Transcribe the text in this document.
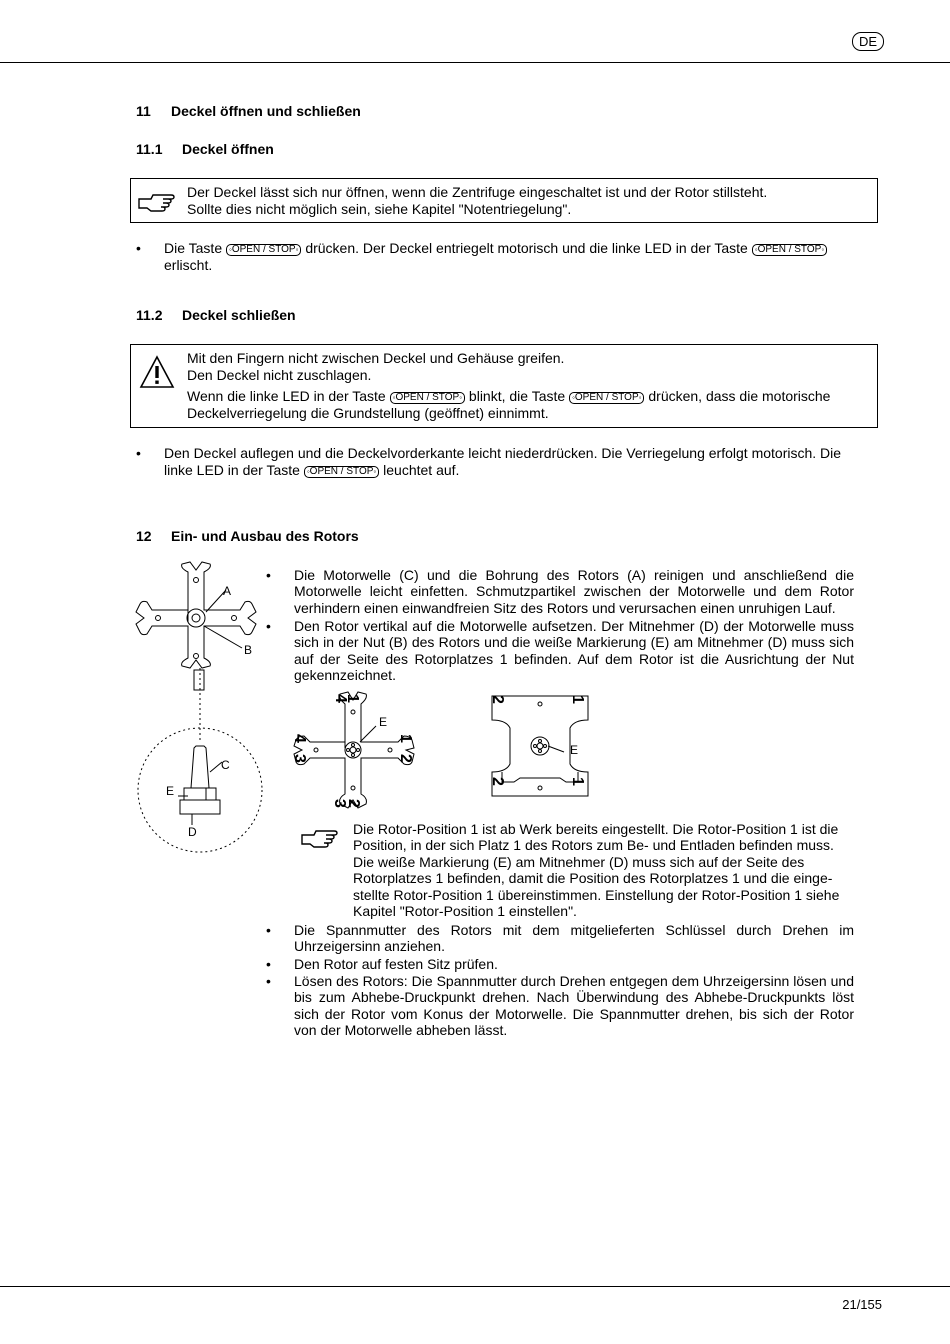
DE
11 Deckel öffnen und schließen
11.1 Deckel öffnen

Der Deckel lässt sich nur öffnen, wenn die Zentrifuge eingeschaltet ist und der Rotor stillsteht.

Sollte dies nicht möglich sein, siehe Kapitel "Notentriegelung".

• Die Taste ◦ OPEN / STOP ◦ drücken. Der Deckel entriegelt motorisch und die linke LED in der Taste ◦ OPEN / STOP ◦

erlischt.

11.2 Deckel schließen

Mit den Fingern nicht zwischen Deckel und Gehäuse greifen.

Den Deckel nicht zuschlagen.

Wenn die linke LED in der Taste ◦ OPEN / STOP ◦ blinkt, die Taste ◦ OPEN / STOP ◦ drücken, dass die motorische

Deckelverriegelung die Grundstellung (geöffnet) einnimmt.

• Den Deckel auflegen und die Deckelvorderkante leicht niederdrücken. Die Verriegelung erfolgt motorisch. Die

linke LED in der Taste ◦ OPEN / STOP ◦ leuchtet auf.

12 Ein- und Ausbau des Rotors
A
B
C
E
D
• Die Motorwelle (C) und die Bohrung des Rotors (A) reinigen und anschließend die Motorwelle leicht einfetten. Schmutzpartikel zwischen der Motorwelle und dem Rotor verhindern einen einwandfreien Sitz des Rotors und verursachen einen unruhigen Lauf.
• Den Rotor vertikal auf die Motorwelle aufsetzen. Der Mitnehmer (D) der Motorwelle muss sich in der Nut (B) des Rotors und die weiße Markierung (E) am Mitnehmer (D) muss sich auf der Seite des Rotorplatzes 1 befinden. Auf dem Rotor ist die Ausrichtung der Nut gekennzeichnet.
4
1
1
2
3
2
4
3
E
2	1
2	1
E
Die Rotor-Position 1 ist ab Werk bereits eingestellt. Die Rotor-Position 1 ist die
Position, in der sich Platz 1 des Rotors zum Be- und Entladen befinden muss.
Die weiße Markierung (E) am Mitnehmer (D) muss sich auf der Seite des
Rotorplatzes 1 befinden, damit die Position des Rotorplatzes 1 und die einge-
stellte Rotor-Position 1 übereinstimmen. Einstellung der Rotor-Position 1 siehe
Kapitel "Rotor-Position 1 einstellen".
• Die Spannmutter des Rotors mit dem mitgelieferten Schlüssel durch Drehen im Uhrzeigersinn anziehen.
• Den Rotor auf festen Sitz prüfen.
• Lösen des Rotors: Die Spannmutter durch Drehen entgegen dem Uhrzeigersinn lösen und bis zum Abhebe-Druckpunkt drehen. Nach Überwindung des Abhebe-Druckpunkts löst sich der Rotor vom Konus der Motorwelle. Die Spannmutter drehen, bis sich der Rotor von der Motorwelle abheben lässt.
21/155
